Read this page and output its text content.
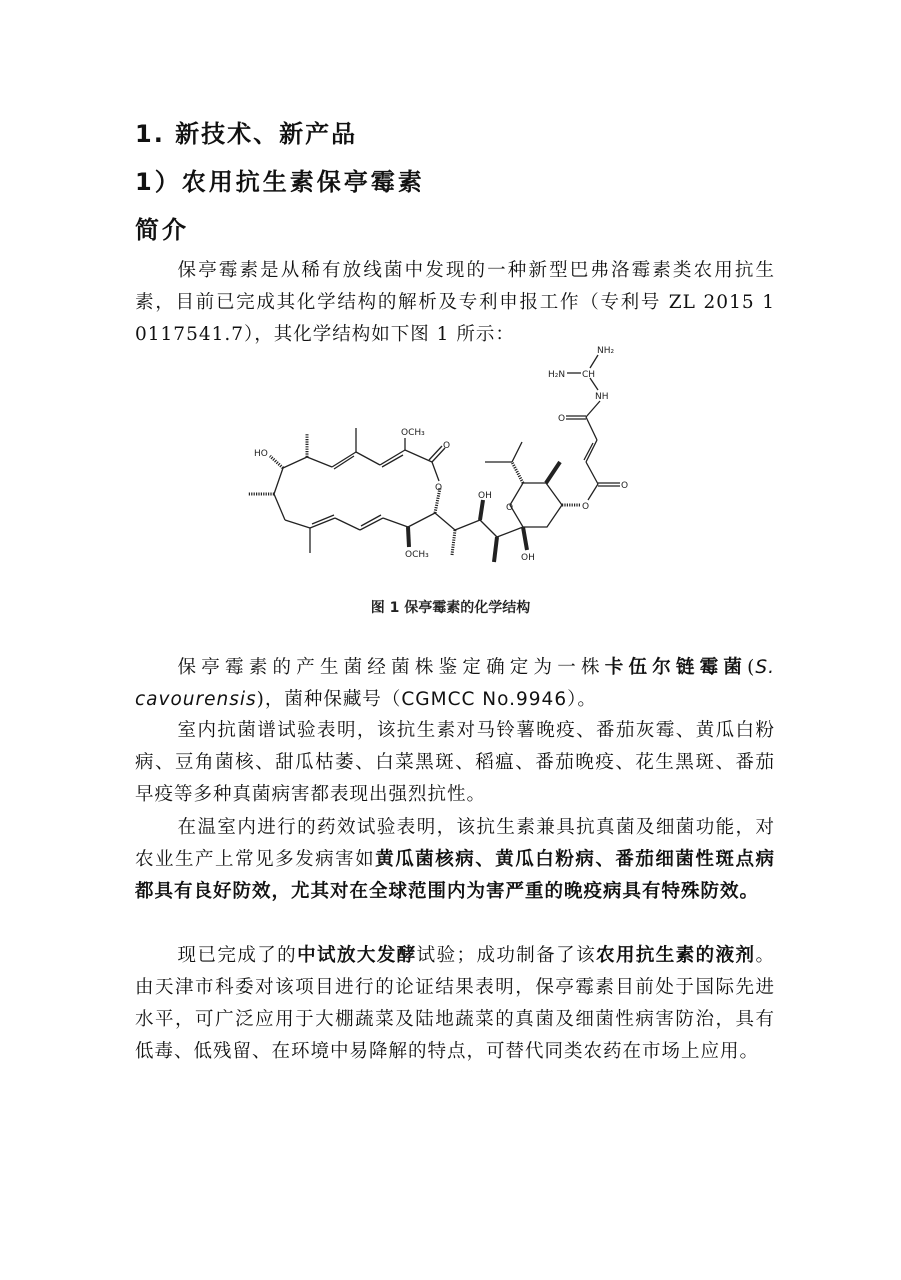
1. 新技术、新产品
1）农用抗生素保亭霉素
简介

保亭霉素是从稀有放线菌中发现的一种新型巴弗洛霉素类农用抗生素，目前已完成其化学结构的解析及专利申报工作（专利号 ZL 2015 1 0117541.7），其化学结构如下图 1 所示：

NH₂
H₂N CH
NH
O
O
O
O
OH
OH
O
O
OCH₃
HO
OCH₃
图 1 保亭霉素的化学结构

保亭霉素的产生菌经菌株鉴定确定为一株卡伍尔链霉菌(S. cavourensis)，菌种保藏号（CGMCC No.9946）。

室内抗菌谱试验表明，该抗生素对马铃薯晚疫、番茄灰霉、黄瓜白粉病、豆角菌核、甜瓜枯萎、白菜黑斑、稻瘟、番茄晚疫、花生黑斑、番茄早疫等多种真菌病害都表现出强烈抗性。

在温室内进行的药效试验表明，该抗生素兼具抗真菌及细菌功能，对农业生产上常见多发病害如黄瓜菌核病、黄瓜白粉病、番茄细菌性斑点病都具有良好防效，尤其对在全球范围内为害严重的晚疫病具有特殊防效。

现已完成了的中试放大发酵试验；成功制备了该农用抗生素的液剂。由天津市科委对该项目进行的论证结果表明，保亭霉素目前处于国际先进水平，可广泛应用于大棚蔬菜及陆地蔬菜的真菌及细菌性病害防治，具有低毒、低残留、在环境中易降解的特点，可替代同类农药在市场上应用。
